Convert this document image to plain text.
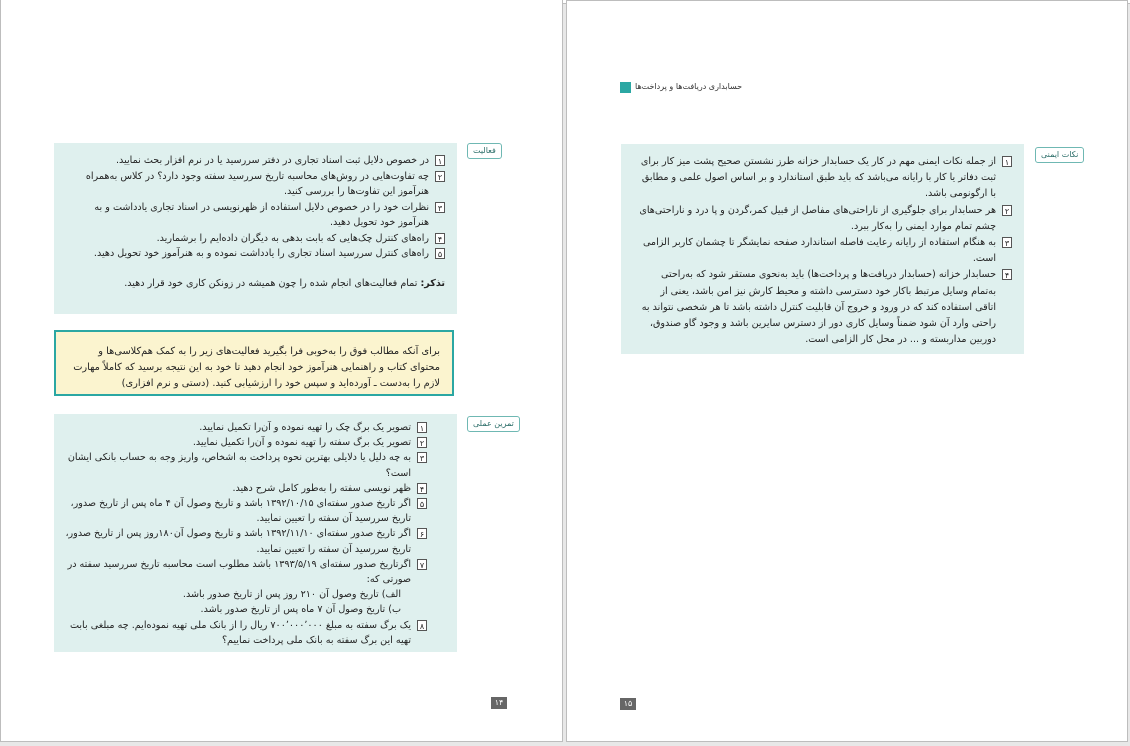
فعالیت
۱
در خصوص دلایل ثبت اسناد تجاری در دفتر سررسید یا در نرم افزار بحث نمایید.
۲
چه تفاوت‌هایی در روش‌های محاسبه تاریخ سررسید سفته وجود دارد؟ در کلاس به‌همراه هنرآموز این تفاوت‌ها را بررسی کنید.
۳
نظرات خود را در خصوص دلایل استفاده از ظهرنویسی در اسناد تجاری یادداشت و به هنرآموز خود تحویل دهید.
۴
راه‌های کنترل چک‌هایی که بابت بدهی به دیگران داده‌ایم را برشمارید.
۵
راه‌های کنترل سررسید اسناد تجاری را یادداشت نموده و به هنرآموز خود تحویل دهید.
تذکر: تمام فعالیت‌های انجام شده را چون همیشه در زونکن کاری خود قرار دهید.
برای آنکه مطالب فوق را به‌خوبی فرا بگیرید فعالیت‌های زیر را به کمک هم‌کلاسی‌ها و محتوای کتاب و راهنمایی هنرآموز خود انجام دهید تا خود به این نتیجه برسید که کاملاً مهارت لازم را به‌دست ـ آورده‌اید و سپس خود را ارزشیابی کنید. (دستی و نرم افزاری)
تمرین عملی
۱
تصویر یک برگ چک را تهیه نموده و آن‌را تکمیل نمایید.
۲
تصویر یک برگ سفته را تهیه نموده و آن‌را تکمیل نمایید.
۳
به چه دلیل یا دلایلی بهترین نحوه پرداخت به اشخاص، واریز وجه به حساب بانکی ایشان است؟
۴
ظهر نویسی سفته را به‌طور کامل شرح دهید.
۵
اگر تاریخ صدور سفته‌ای ۱۳۹۲/۱۰/۱۵ باشد و تاریخ وصول آن ۴ ماه پس از تاریخ صدور، تاریخ سررسید آن سفته را تعیین نمایید.
۶
اگر تاریخ صدور سفته‌ای ۱۳۹۲/۱۱/۱۰ باشد و تاریخ وصول آن۱۸۰روز پس از تاریخ صدور، تاریخ سررسید آن سفته را تعیین نمایید.
۷
اگرتاریخ صدور سفته‌ای ۱۳۹۳/۵/۱۹ باشد مطلوب است محاسبه تاریخ سررسید سفته در صورتی که:
الف) تاریخ وصول آن ۲۱۰ روز پس از تاریخ صدور باشد.
ب) تاریخ وصول آن ۷ ماه پس از تاریخ صدور باشد.
۸
یک برگ سفته به مبلغ ۷۰۰٬۰۰۰٬۰۰۰ ریال را از بانک ملی تهیه نموده‌ایم. چه مبلغی بابت تهیه این برگ سفته به بانک ملی پرداخت نماییم؟
۱۴
حسابداری دریافت‌ها و پرداخت‌ها
نکات ایمنی
۱
از جمله نکات ایمنی مهم در کار یک حسابدار خزانه طرز نشستن صحیح پشت میز کار برای ثبت دفاتر یا کار با رایانه می‌باشد که باید طبق استاندارد و بر اساس اصول علمی و مطابق با ارگونومی باشد.
۲
هر حسابدار برای جلوگیری از ناراحتی‌های مفاصل از قبیل کمر،گردن و پا درد و ناراحتی‌های چشم تمام موارد ایمنی را به‌کار ببرد.
۳
به هنگام استفاده از رایانه رعایت فاصله استاندارد صفحه نمایشگر تا چشمان کاربر الزامی است.
۴
حسابدار خزانه (حسابدار دریافت‌ها و پرداخت‌ها) باید به‌نحوی مستقر شود که به‌راحتی به‌تمام وسایل مرتبط باکار خود دسترسی داشته و محیط کارش نیز امن باشد، یعنی از اتاقی استفاده کند که در ورود و خروج آن قابلیت کنترل داشته باشد تا هر شخصی نتواند به راحتی وارد آن شود ضمناً وسایل کاری دور از دسترس سایرین باشد و وجود گاو صندوق، دوربین مداربسته و ... در محل کار الزامی است.
۱۵
